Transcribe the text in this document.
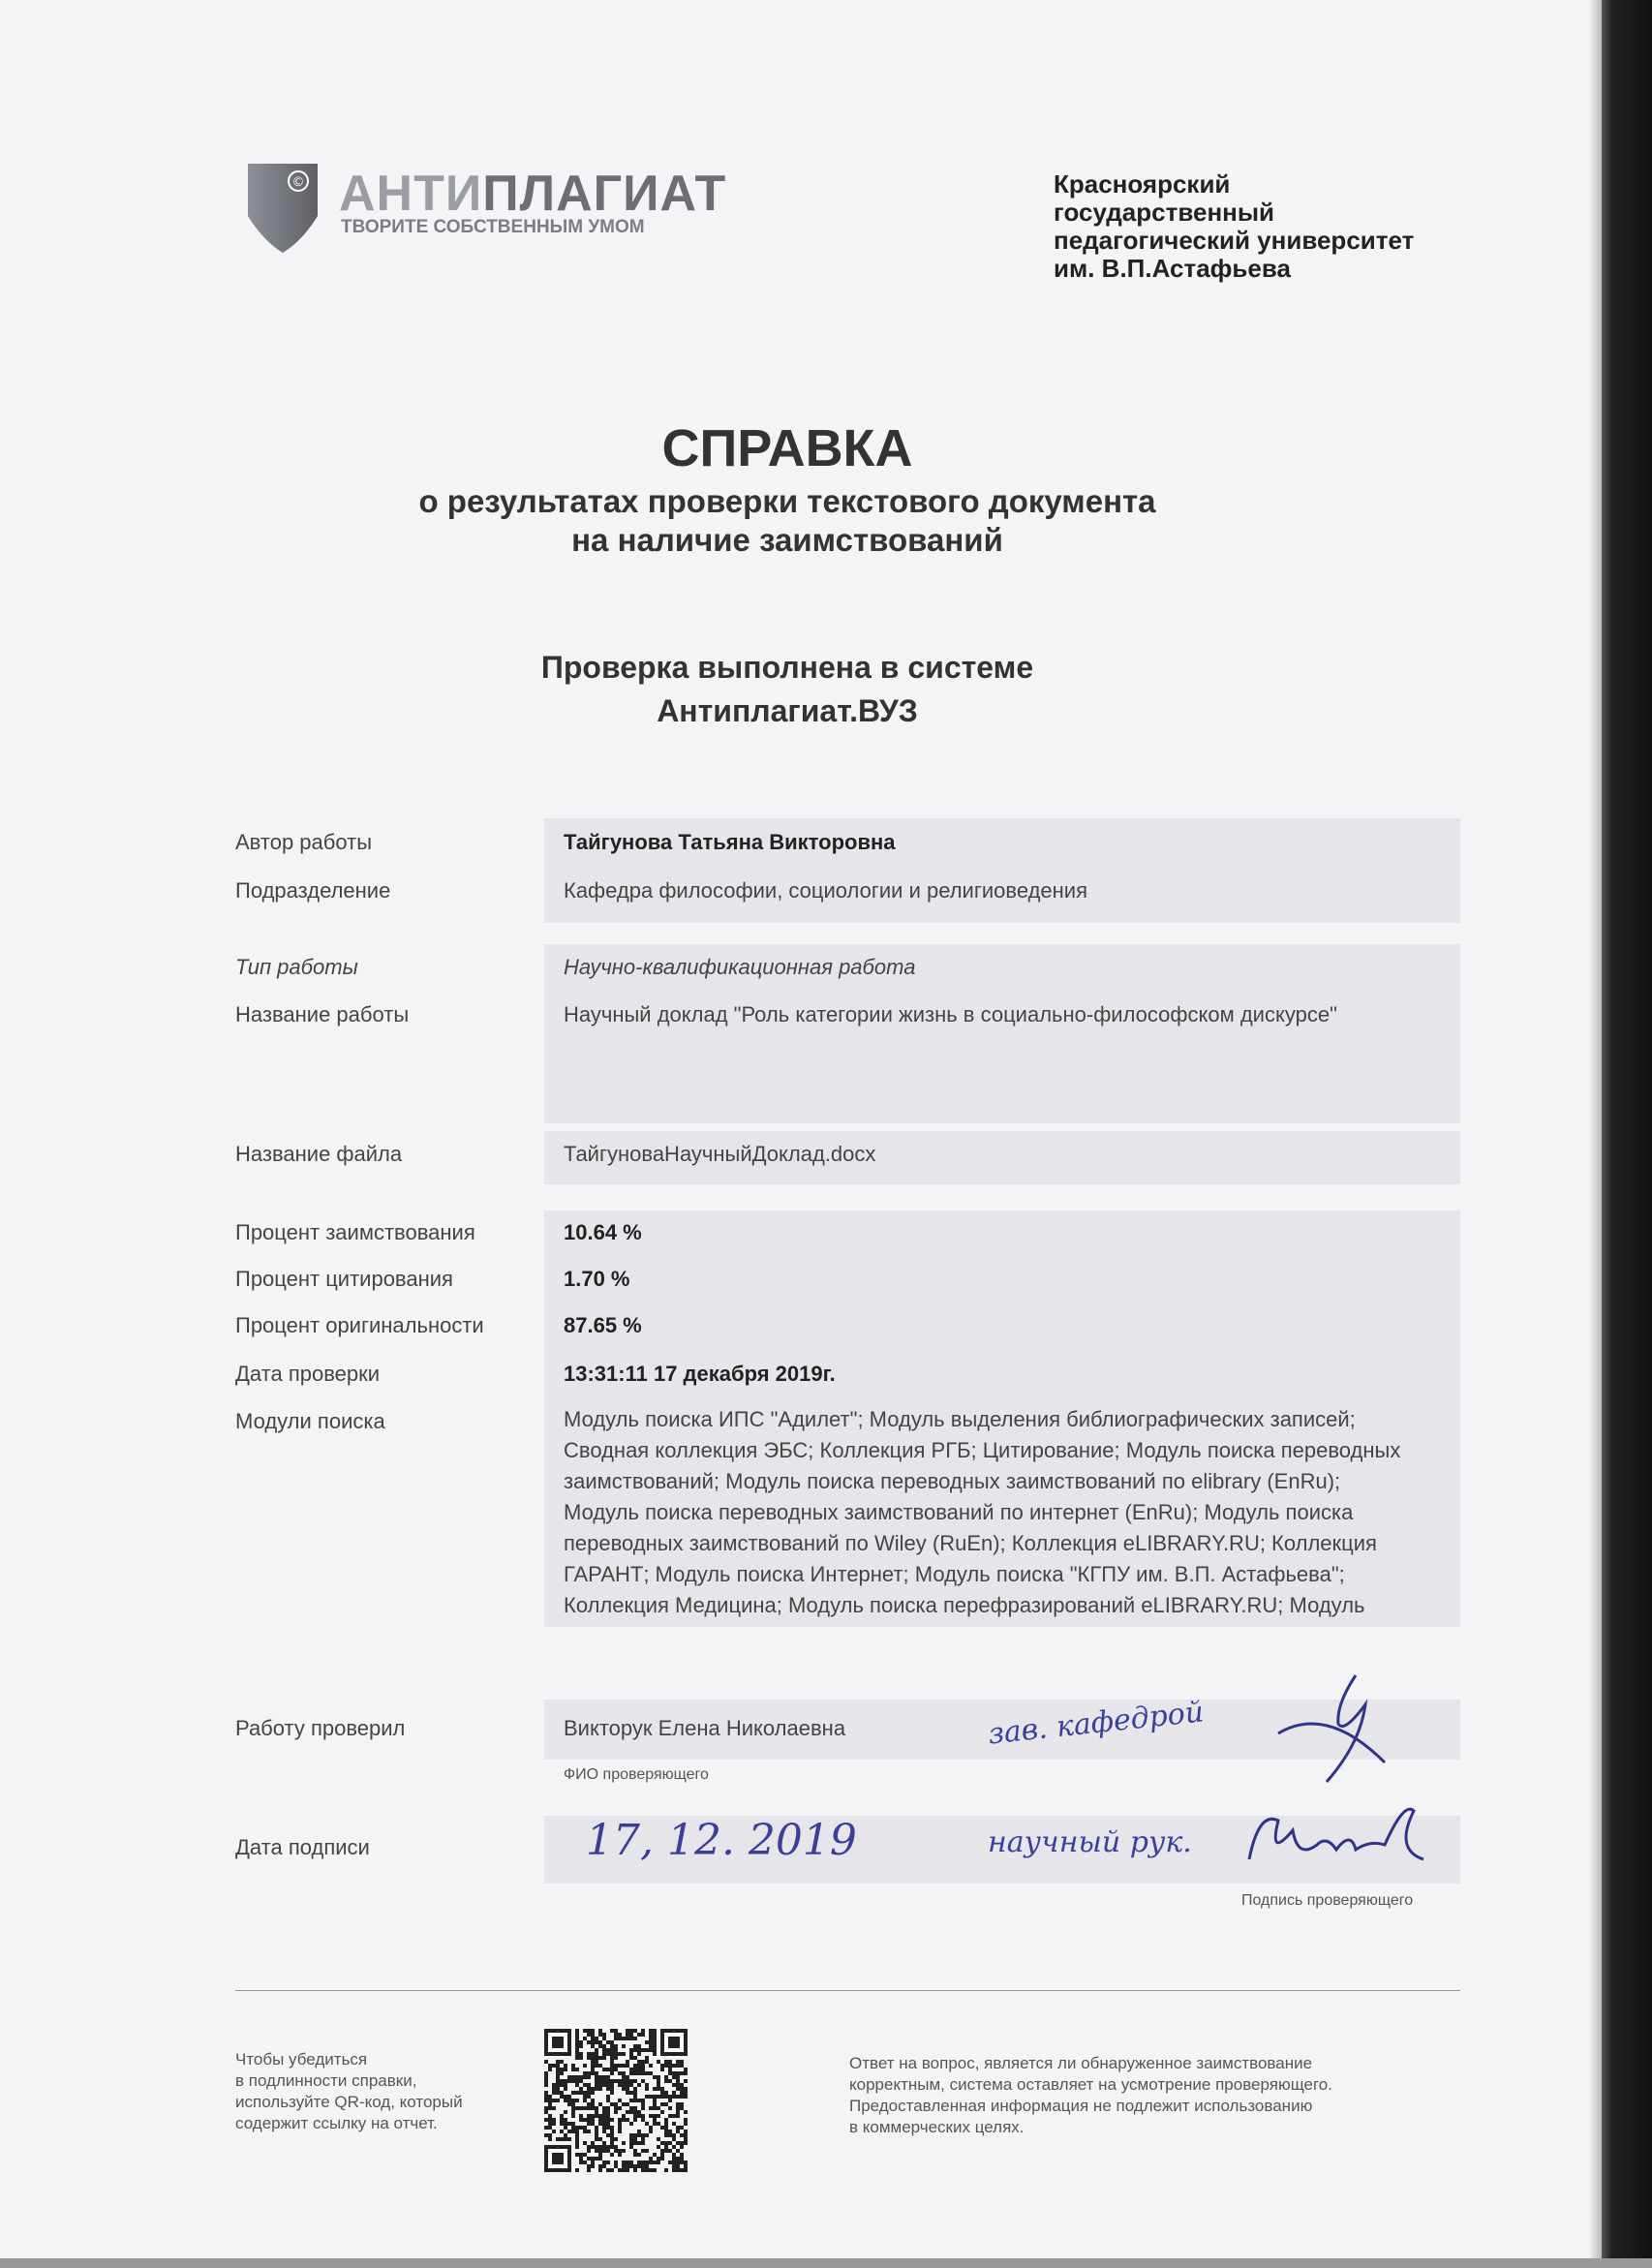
© АНТИПЛАГИАТ
ТВОРИТЕ СОБСТВЕННЫМ УМОМ
Красноярский
государственный
педагогический университет
им. В.П.Астафьева
СПРАВКА
о результатах проверки текстового документа
на наличие заимствований
Проверка выполнена в системе
Антиплагиат.ВУЗ
Автор работы	Тайгунова Татьяна Викторовна
Подразделение	Кафедра философии, социологии и религиоведения
Тип работы	Научно-квалификационная работа
Название работы	Научный доклад "Роль категории жизнь в социально-философском дискурсе"
Название файла	ТайгуноваНаучныйДоклад.docx
Процент заимствования	10.64 %
Процент цитирования	1.70 %
Процент оригинальности	87.65 %
Дата проверки	13:31:11 17 декабря 2019г.
Модули поиска	Модуль поиска ИПС "Адилет"; Модуль выделения библиографических записей;
Сводная коллекция ЭБС; Коллекция РГБ; Цитирование; Модуль поиска переводных
заимствований; Модуль поиска переводных заимствований по elibrary (EnRu);
Модуль поиска переводных заимствований по интернет (EnRu); Модуль поиска
переводных заимствований по Wiley (RuEn); Коллекция eLIBRARY.RU; Коллекция
ГАРАНТ; Модуль поиска Интернет; Модуль поиска "КГПУ им. В.П. Астафьева";
Коллекция Медицина; Модуль поиска перефразирований eLIBRARY.RU; Модуль
Работу проверил	Викторук Елена Николаевна
ФИО проверяющего
зав. кафедрой
Дата подписи	17, 12. 2019	научный рук.
Подпись проверяющего
Чтобы убедиться
в подлинности справки,
используйте QR-код, который
содержит ссылку на отчет.
Ответ на вопрос, является ли обнаруженное заимствование
корректным, система оставляет на усмотрение проверяющего.
Предоставленная информация не подлежит использованию
в коммерческих целях.
